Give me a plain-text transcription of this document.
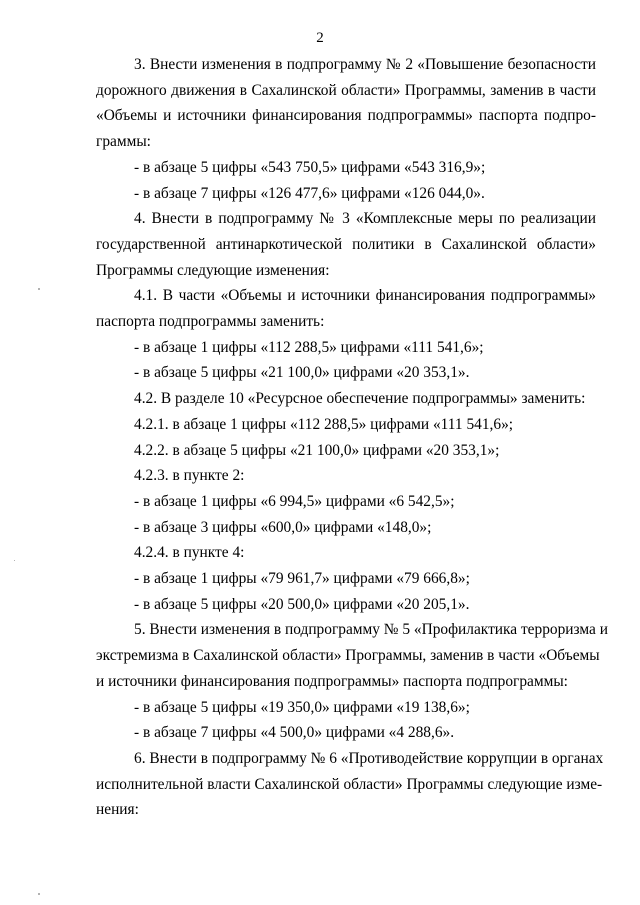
2
3. Внести изменения в подпрограмму № 2 «Повышение безопасности
дорожного движения в Сахалинской области» Программы, заменив в части
«Объемы и источники финансирования подпрограммы» паспорта подпро-
граммы:
- в абзаце 5 цифры «543 750,5» цифрами «543 316,9»;
- в абзаце 7 цифры «126 477,6» цифрами «126 044,0».
4. Внести в подпрограмму № 3 «Комплексные меры по реализации
государственной антинаркотической политики в Сахалинской области»
Программы следующие изменения:
4.1. В части «Объемы и источники финансирования подпрограммы»
паспорта подпрограммы заменить:
- в абзаце 1 цифры «112 288,5» цифрами «111 541,6»;
- в абзаце 5 цифры «21 100,0» цифрами «20 353,1».
4.2. В разделе 10 «Ресурсное обеспечение подпрограммы» заменить:
4.2.1. в абзаце 1 цифры «112 288,5» цифрами «111 541,6»;
4.2.2. в абзаце 5 цифры «21 100,0» цифрами «20 353,1»;
4.2.3. в пункте 2:
- в абзаце 1 цифры «6 994,5» цифрами «6 542,5»;
- в абзаце 3 цифры «600,0» цифрами «148,0»;
4.2.4. в пункте 4:
- в абзаце 1 цифры «79 961,7» цифрами «79 666,8»;
- в абзаце 5 цифры «20 500,0» цифрами «20 205,1».
5. Внести изменения в подпрограмму № 5 «Профилактика терроризма и
экстремизма в Сахалинской области» Программы, заменив в части «Объемы
и источники финансирования подпрограммы» паспорта подпрограммы:
- в абзаце 5 цифры «19 350,0» цифрами «19 138,6»;
- в абзаце 7 цифры «4 500,0» цифрами «4 288,6».
6. Внести в подпрограмму № 6 «Противодействие коррупции в органах
исполнительной власти Сахалинской области» Программы следующие изме-
нения:
